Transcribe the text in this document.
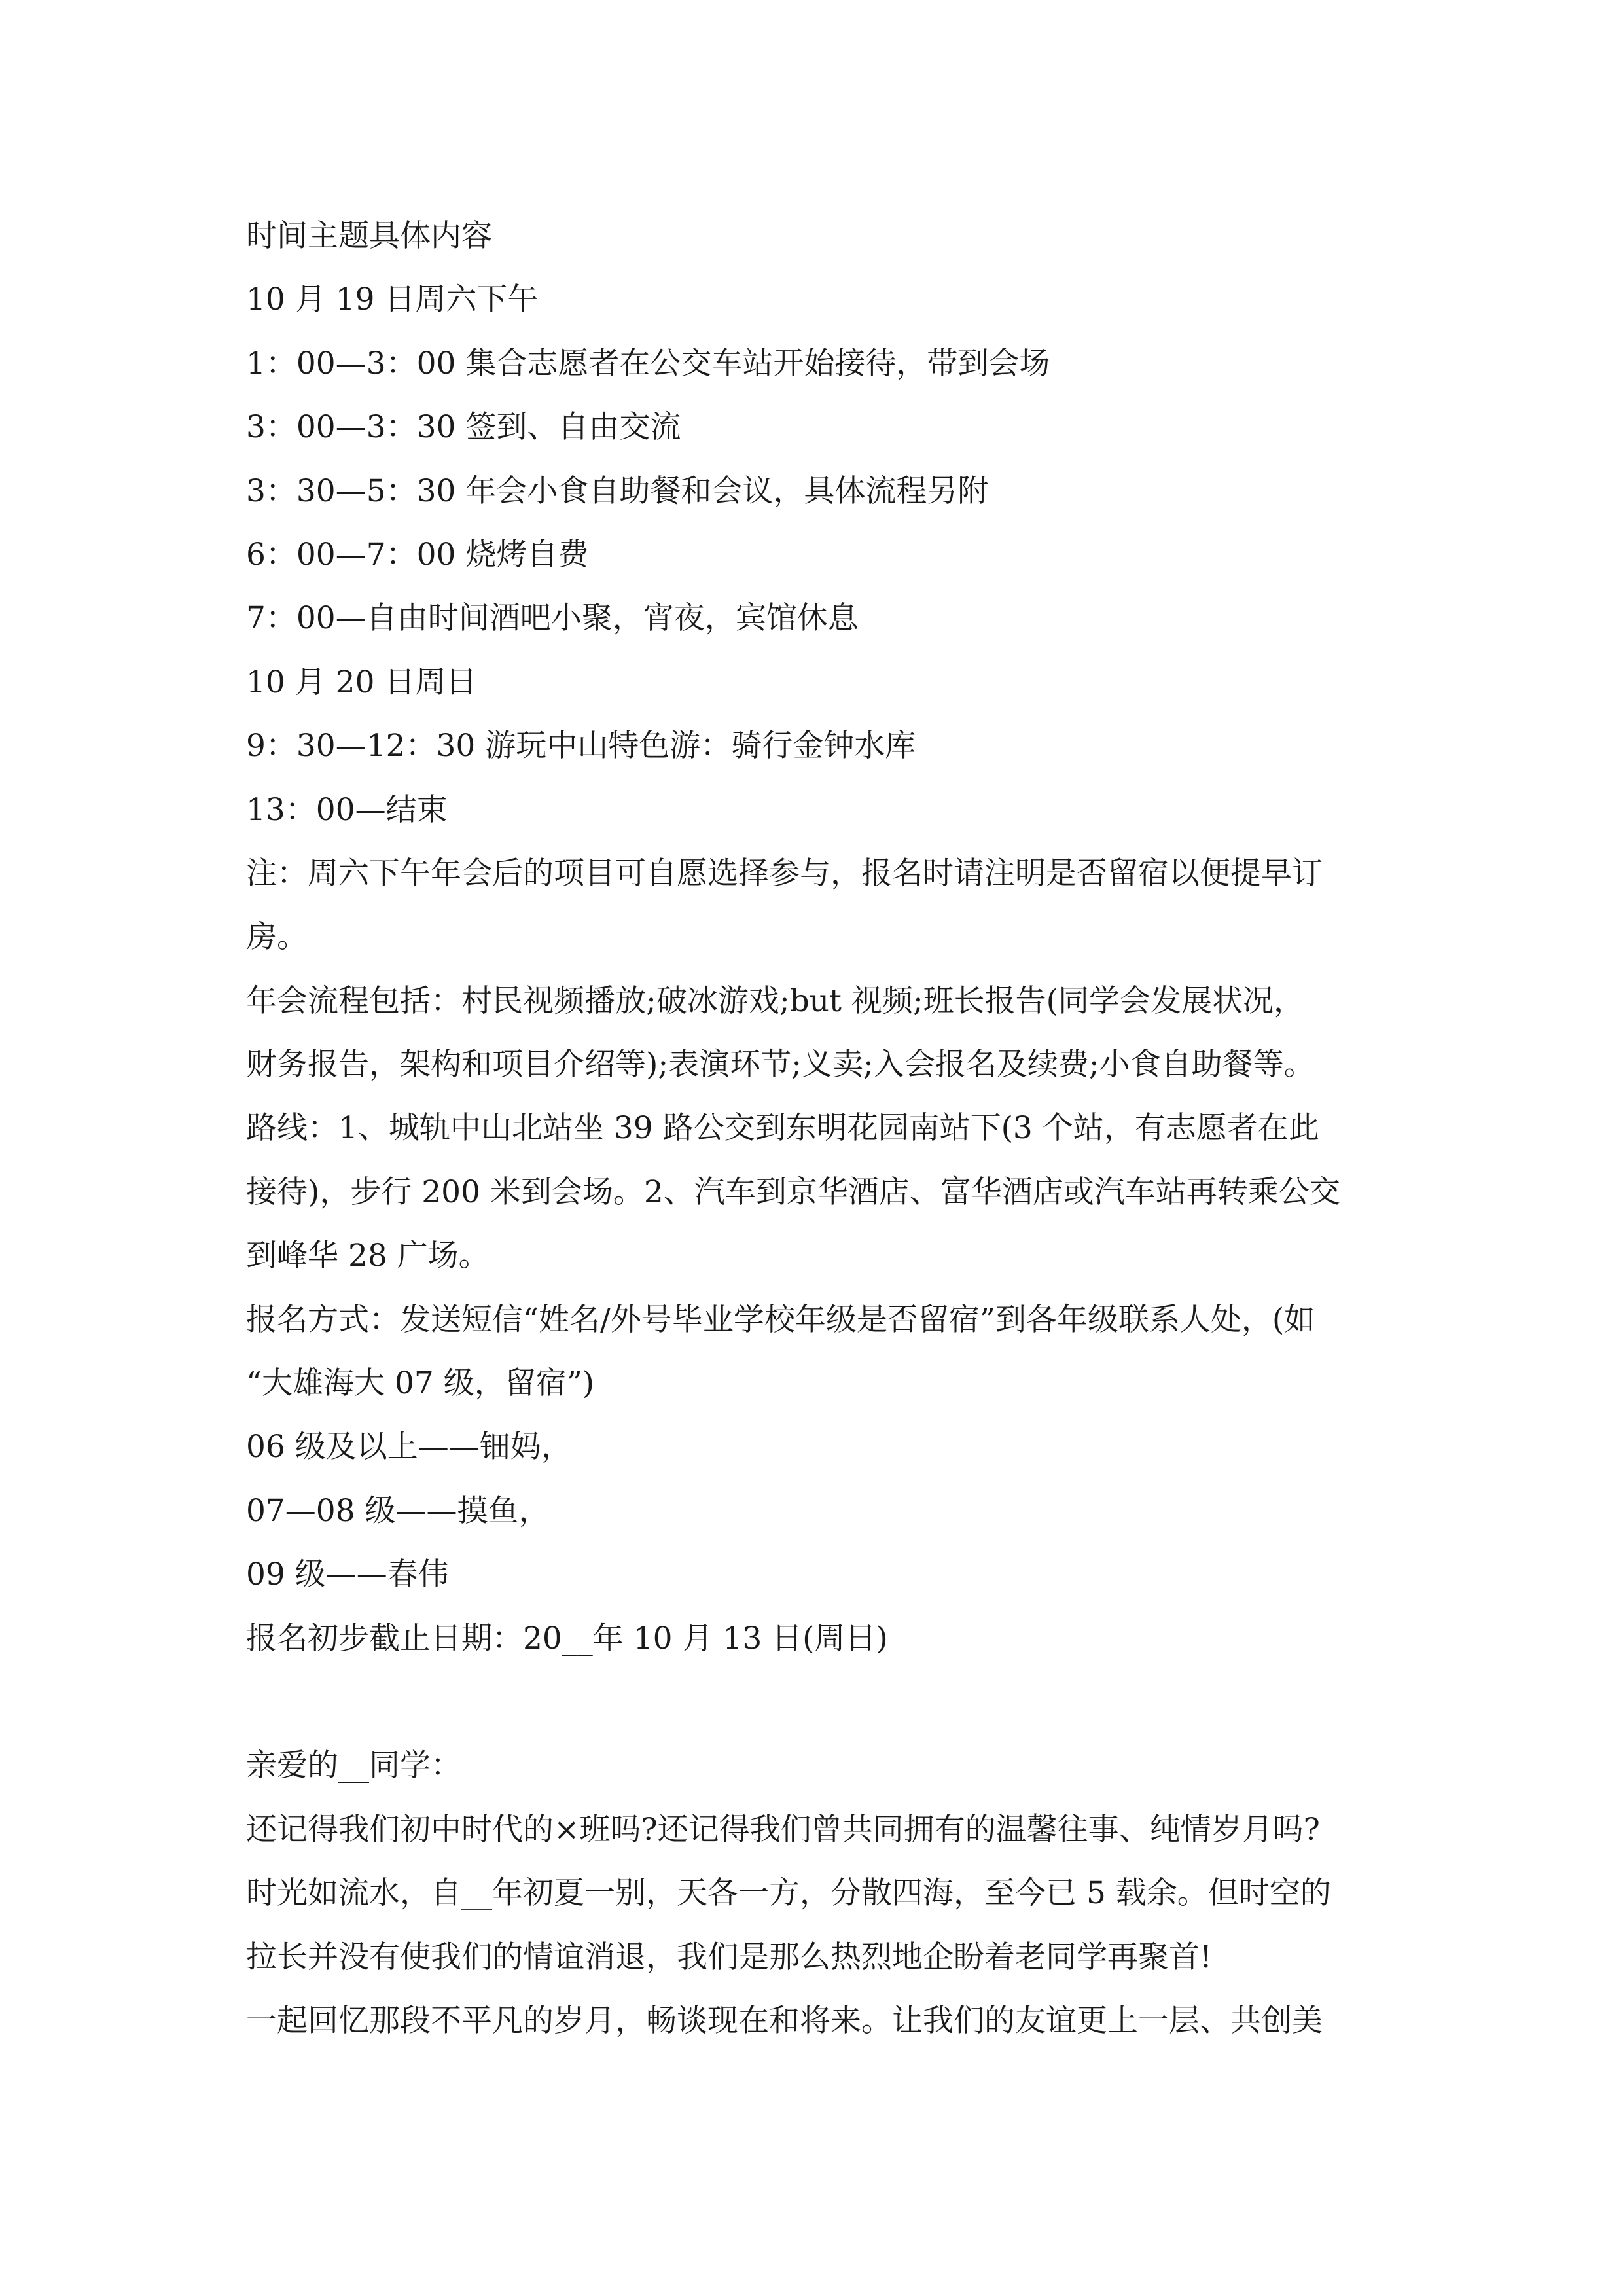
时间主题具体内容
10 月 19 日周六下午
1：00—3：00 集合志愿者在公交车站开始接待，带到会场
3：00—3：30 签到、自由交流
3：30—5：30 年会小食自助餐和会议，具体流程另附
6：00—7：00 烧烤自费
7：00—自由时间酒吧小聚，宵夜，宾馆休息
10 月 20 日周日
9：30—12：30 游玩中山特色游：骑行金钟水库
13：00—结束
注：周六下午年会后的项目可自愿选择参与，报名时请注明是否留宿以便提早订
房。
年会流程包括：村民视频播放;破冰游戏;but 视频;班长报告(同学会发展状况，
财务报告，架构和项目介绍等);表演环节;义卖;入会报名及续费;小食自助餐等。
路线：1、城轨中山北站坐 39 路公交到东明花园南站下(3 个站，有志愿者在此
接待)，步行 200 米到会场。2、汽车到京华酒店、富华酒店或汽车站再转乘公交
到峰华 28 广场。
报名方式：发送短信“姓名/外号毕业学校年级是否留宿”到各年级联系人处，(如
“大雄海大 07 级，留宿”)
06 级及以上——钿妈，
07—08 级——摸鱼，
09 级——春伟
报名初步截止日期：20__年 10 月 13 日(周日)
亲爱的__同学：
还记得我们初中时代的×班吗?还记得我们曾共同拥有的温馨往事、纯情岁月吗?
时光如流水，自__年初夏一别，天各一方，分散四海，至今已 5 载余。但时空的
拉长并没有使我们的情谊消退，我们是那么热烈地企盼着老同学再聚首!
一起回忆那段不平凡的岁月，畅谈现在和将来。让我们的友谊更上一层、共创美
